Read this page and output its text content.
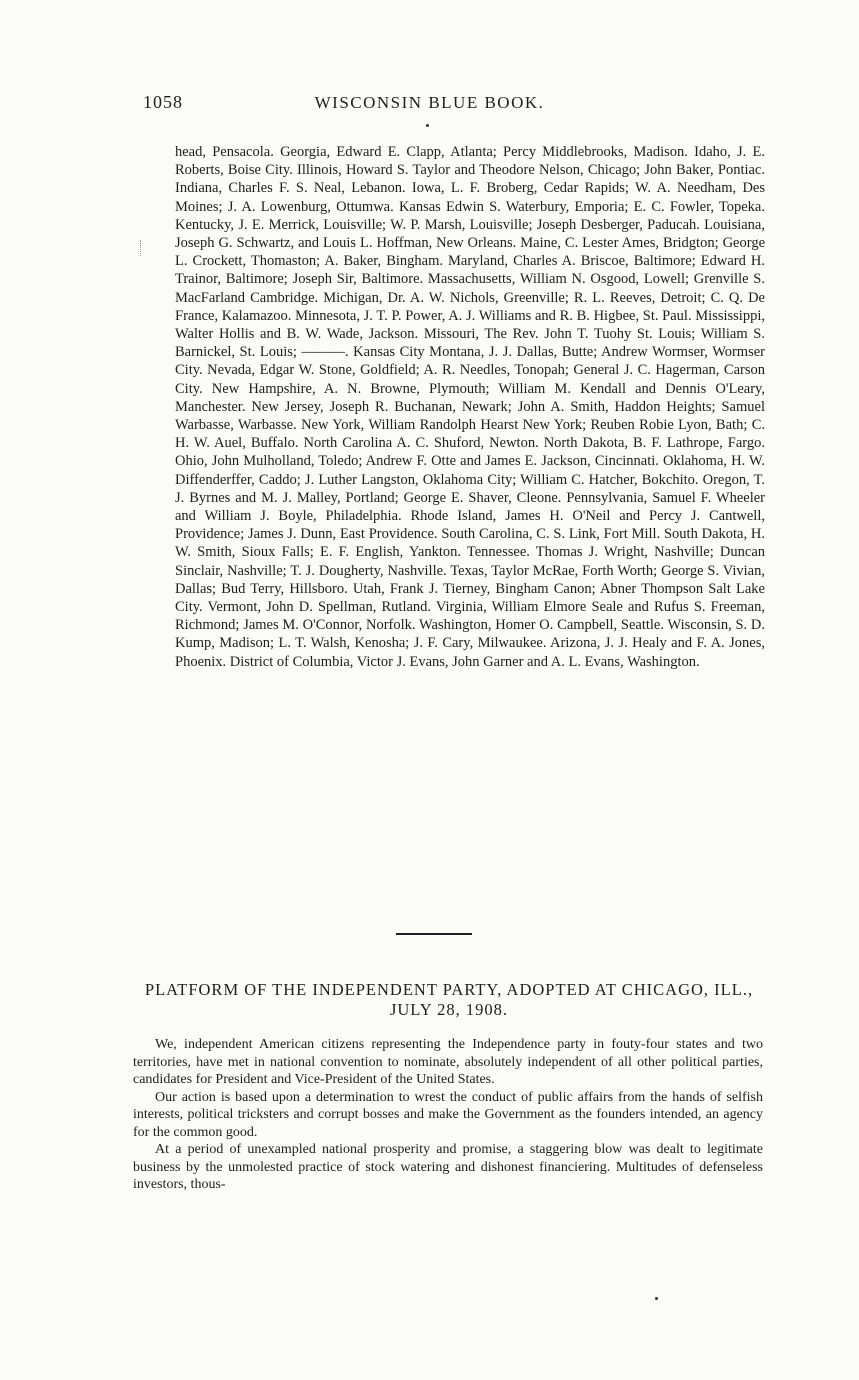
1058	WISCONSIN BLUE BOOK.

head, Pensacola. Georgia, Edward E. Clapp, Atlanta; Percy Middlebrooks, Madison. Idaho, J. E. Roberts, Boise City. Illinois, Howard S. Taylor and Theodore Nelson, Chicago; John Baker, Pontiac. Indiana, Charles F. S. Neal, Lebanon. Iowa, L. F. Broberg, Cedar Rapids; W. A. Needham, Des Moines; J. A. Lowenburg, Ottumwa. Kansas Edwin S. Waterbury, Emporia; E. C. Fowler, Topeka. Kentucky, J. E. Merrick, Louisville; W. P. Marsh, Louisville; Joseph Desberger, Paducah. Louisiana, Joseph G. Schwartz, and Louis L. Hoffman, New Orleans. Maine, C. Lester Ames, Bridgton; George L. Crockett, Thomaston; A. Baker, Bingham. Maryland, Charles A. Briscoe, Baltimore; Edward H. Trainor, Baltimore; Joseph Sir, Baltimore. Massachusetts, William N. Osgood, Lowell; Grenville S. MacFarland Cambridge. Michigan, Dr. A. W. Nichols, Greenville; R. L. Reeves, Detroit; C. Q. De France, Kalamazoo. Minnesota, J. T. P. Power, A. J. Williams and R. B. Higbee, St. Paul. Mississippi, Walter Hollis and B. W. Wade, Jackson. Missouri, The Rev. John T. Tuohy St. Louis; William S. Barnickel, St. Louis; ———. Kansas City Montana, J. J. Dallas, Butte; Andrew Wormser, Wormser City. Nevada, Edgar W. Stone, Goldfield; A. R. Needles, Tonopah; General J. C. Hagerman, Carson City. New Hampshire, A. N. Browne, Plymouth; William M. Kendall and Dennis O'Leary, Manchester. New Jersey, Joseph R. Buchanan, Newark; John A. Smith, Haddon Heights; Samuel Warbasse, Warbasse. New York, William Randolph Hearst New York; Reuben Robie Lyon, Bath; C. H. W. Auel, Buffalo. North Carolina A. C. Shuford, Newton. North Dakota, B. F. Lathrope, Fargo. Ohio, John Mulholland, Toledo; Andrew F. Otte and James E. Jackson, Cincinnati. Oklahoma, H. W. Diffenderffer, Caddo; J. Luther Langston, Oklahoma City; William C. Hatcher, Bokchito. Oregon, T. J. Byrnes and M. J. Malley, Portland; George E. Shaver, Cleone. Pennsylvania, Samuel F. Wheeler and William J. Boyle, Philadelphia. Rhode Island, James H. O'Neil and Percy J. Cantwell, Providence; James J. Dunn, East Providence. South Carolina, C. S. Link, Fort Mill. South Dakota, H. W. Smith, Sioux Falls; E. F. English, Yankton. Tennessee. Thomas J. Wright, Nashville; Duncan Sinclair, Nashville; T. J. Dougherty, Nashville. Texas, Taylor McRae, Forth Worth; George S. Vivian, Dallas; Bud Terry, Hillsboro. Utah, Frank J. Tierney, Bingham Canon; Abner Thompson Salt Lake City. Vermont, John D. Spellman, Rutland. Virginia, William Elmore Seale and Rufus S. Freeman, Richmond; James M. O'Connor, Norfolk. Washington, Homer O. Campbell, Seattle. Wisconsin, S. D. Kump, Madison; L. T. Walsh, Kenosha; J. F. Cary, Milwaukee. Arizona, J. J. Healy and F. A. Jones, Phoenix. District of Columbia, Victor J. Evans, John Garner and A. L. Evans, Washington.

PLATFORM OF THE INDEPENDENT PARTY, ADOPTED AT CHICAGO, ILL., JULY 28, 1908.

We, independent American citizens representing the Independence party in fouty-four states and two territories, have met in national convention to nominate, absolutely independent of all other political parties, candidates for President and Vice-President of the United States.

Our action is based upon a determination to wrest the conduct of public affairs from the hands of selfish interests, political tricksters and corrupt bosses and make the Government as the founders intended, an agency for the common good.

At a period of unexampled national prosperity and promise, a staggering blow was dealt to legitimate business by the unmolested practice of stock watering and dishonest financiering. Multitudes of defenseless investors, thous-
